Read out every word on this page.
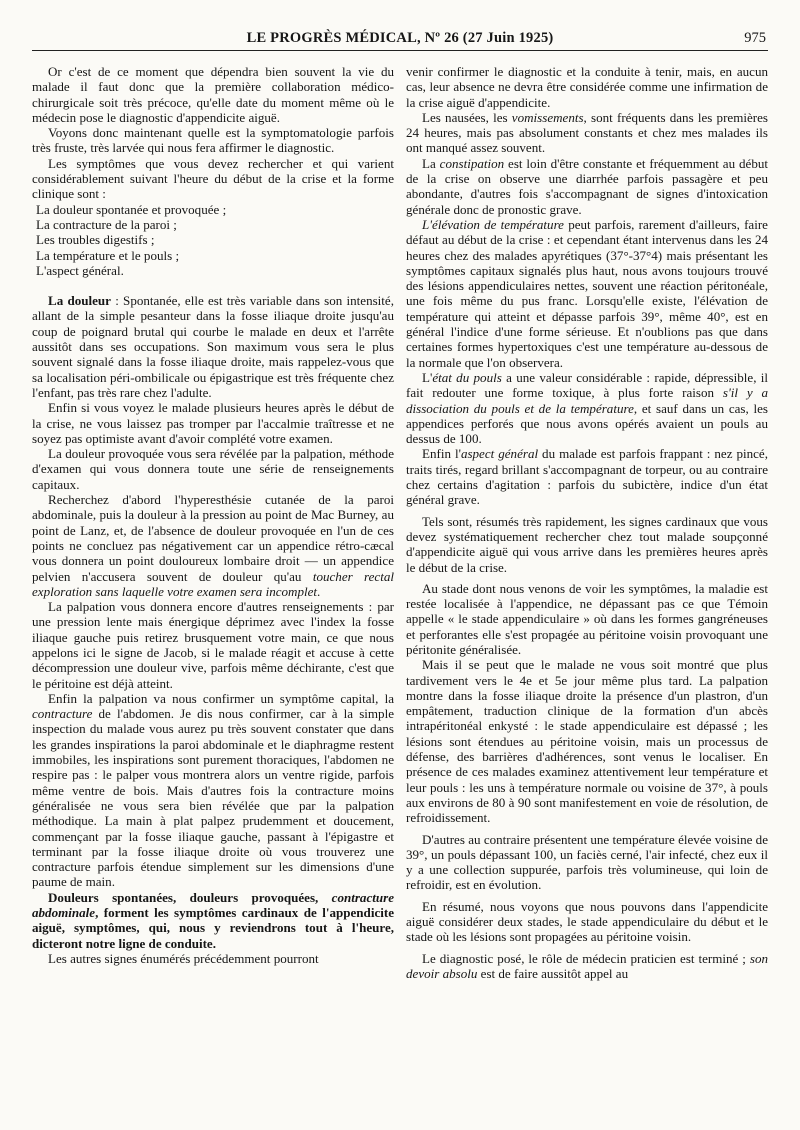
LE PROGRÈS MÉDICAL, Nº 26 (27 Juin 1925)	975

Or c'est de ce moment que dépendra bien souvent la vie du malade il faut donc que la première collaboration médico-chirurgicale soit très précoce, qu'elle date du moment même où le médecin pose le diagnostic d'appendicite aiguë.

Voyons donc maintenant quelle est la symptomatologie parfois très fruste, très larvée qui nous fera affirmer le diagnostic.

Les symptômes que vous devez rechercher et qui varient considérablement suivant l'heure du début de la crise et la forme clinique sont :

La douleur spontanée et provoquée ;

La contracture de la paroi ;

Les troubles digestifs ;

La température et le pouls ;

L'aspect général.

La douleur : Spontanée, elle est très variable dans son intensité, allant de la simple pesanteur dans la fosse iliaque droite jusqu'au coup de poignard brutal qui courbe le malade en deux et l'arrête aussitôt dans ses occupations. Son maximum vous sera le plus souvent signalé dans la fosse iliaque droite, mais rappelez-vous que sa localisation péri-ombilicale ou épigastrique est très fréquente chez l'enfant, pas très rare chez l'adulte.

Enfin si vous voyez le malade plusieurs heures après le début de la crise, ne vous laissez pas tromper par l'accalmie traîtresse et ne soyez pas optimiste avant d'avoir complété votre examen.

La douleur provoquée vous sera révélée par la palpation, méthode d'examen qui vous donnera toute une série de renseignements capitaux.

Recherchez d'abord l'hyperesthésie cutanée de la paroi abdominale, puis la douleur à la pression au point de Mac Burney, au point de Lanz, et, de l'absence de douleur provoquée en l'un de ces points ne concluez pas négativement car un appendice rétro-cæcal vous donnera un point douloureux lombaire droit — un appendice pelvien n'accusera souvent de douleur qu'au toucher rectal exploration sans laquelle votre examen sera incomplet.

La palpation vous donnera encore d'autres renseignements : par une pression lente mais énergique déprimez avec l'index la fosse iliaque gauche puis retirez brusquement votre main, ce que nous appelons ici le signe de Jacob, si le malade réagit et accuse à cette décompression une douleur vive, parfois même déchirante, c'est que le péritoine est déjà atteint.

Enfin la palpation va nous confirmer un symptôme capital, la contracture de l'abdomen. Je dis nous confirmer, car à la simple inspection du malade vous aurez pu très souvent constater que dans les grandes inspirations la paroi abdominale et le diaphragme restent immobiles, les inspirations sont purement thoraciques, l'abdomen ne respire pas : le palper vous montrera alors un ventre rigide, parfois même ventre de bois. Mais d'autres fois la contracture moins généralisée ne vous sera bien révélée que par la palpation méthodique. La main à plat palpez prudemment et doucement, commençant par la fosse iliaque gauche, passant à l'épigastre et terminant par la fosse iliaque droite où vous trouverez une contracture parfois étendue simplement sur les dimensions d'une paume de main.

Douleurs spontanées, douleurs provoquées, contracture abdominale, forment les symptômes cardinaux de l'appendicite aiguë, symptômes, qui, nous y reviendrons tout à l'heure, dicteront notre ligne de conduite.

Les autres signes énumérés précédemment pourront

venir confirmer le diagnostic et la conduite à tenir, mais, en aucun cas, leur absence ne devra être considérée comme une infirmation de la crise aiguë d'appendicite.

Les nausées, les vomissements, sont fréquents dans les premières 24 heures, mais pas absolument constants et chez mes malades ils ont manqué assez souvent.

La constipation est loin d'être constante et fréquemment au début de la crise on observe une diarrhée parfois passagère et peu abondante, d'autres fois s'accompagnant de signes d'intoxication générale donc de pronostic grave.

L'élévation de température peut parfois, rarement d'ailleurs, faire défaut au début de la crise : et cependant étant intervenus dans les 24 heures chez des malades apyrétiques (37°-37°4) mais présentant les symptômes capitaux signalés plus haut, nous avons toujours trouvé des lésions appendiculaires nettes, souvent une réaction péritonéale, une fois même du pus franc. Lorsqu'elle existe, l'élévation de température qui atteint et dépasse parfois 39°, même 40°, est en général l'indice d'une forme sérieuse. Et n'oublions pas que dans certaines formes hypertoxiques c'est une température au-dessous de la normale que l'on observera.

L'état du pouls a une valeur considérable : rapide, dépressible, il fait redouter une forme toxique, à plus forte raison s'il y a dissociation du pouls et de la température, et sauf dans un cas, les appendices perforés que nous avons opérés avaient un pouls au dessus de 100.

Enfin l'aspect général du malade est parfois frappant : nez pincé, traits tirés, regard brillant s'accompagnant de torpeur, ou au contraire chez certains d'agitation : parfois du subictère, indice d'un état général grave.

Tels sont, résumés très rapidement, les signes cardinaux que vous devez systématiquement rechercher chez tout malade soupçonné d'appendicite aiguë qui vous arrive dans les premières heures après le début de la crise.

Au stade dont nous venons de voir les symptômes, la maladie est restée localisée à l'appendice, ne dépassant pas ce que Témoin appelle « le stade appendiculaire » où dans les formes gangréneuses et perforantes elle s'est propagée au péritoine voisin provoquant une péritonite généralisée.

Mais il se peut que le malade ne vous soit montré que plus tardivement vers le 4e et 5e jour même plus tard. La palpation montre dans la fosse iliaque droite la présence d'un plastron, d'un empâtement, traduction clinique de la formation d'un abcès intrapéritonéal enkysté : le stade appendiculaire est dépassé ; les lésions sont étendues au péritoine voisin, mais un processus de défense, des barrières d'adhérences, sont venus le localiser. En présence de ces malades examinez attentivement leur température et leur pouls : les uns à température normale ou voisine de 37°, à pouls aux environs de 80 à 90 sont manifestement en voie de résolution, de refroidissement.

D'autres au contraire présentent une température élevée voisine de 39°, un pouls dépassant 100, un faciès cerné, l'air infecté, chez eux il y a une collection suppurée, parfois très volumineuse, qui loin de refroidir, est en évolution.

En résumé, nous voyons que nous pouvons dans l'appendicite aiguë considérer deux stades, le stade appendiculaire du début et le stade où les lésions sont propagées au péritoine voisin.

Le diagnostic posé, le rôle de médecin praticien est terminé ; son devoir absolu est de faire aussitôt appel au
